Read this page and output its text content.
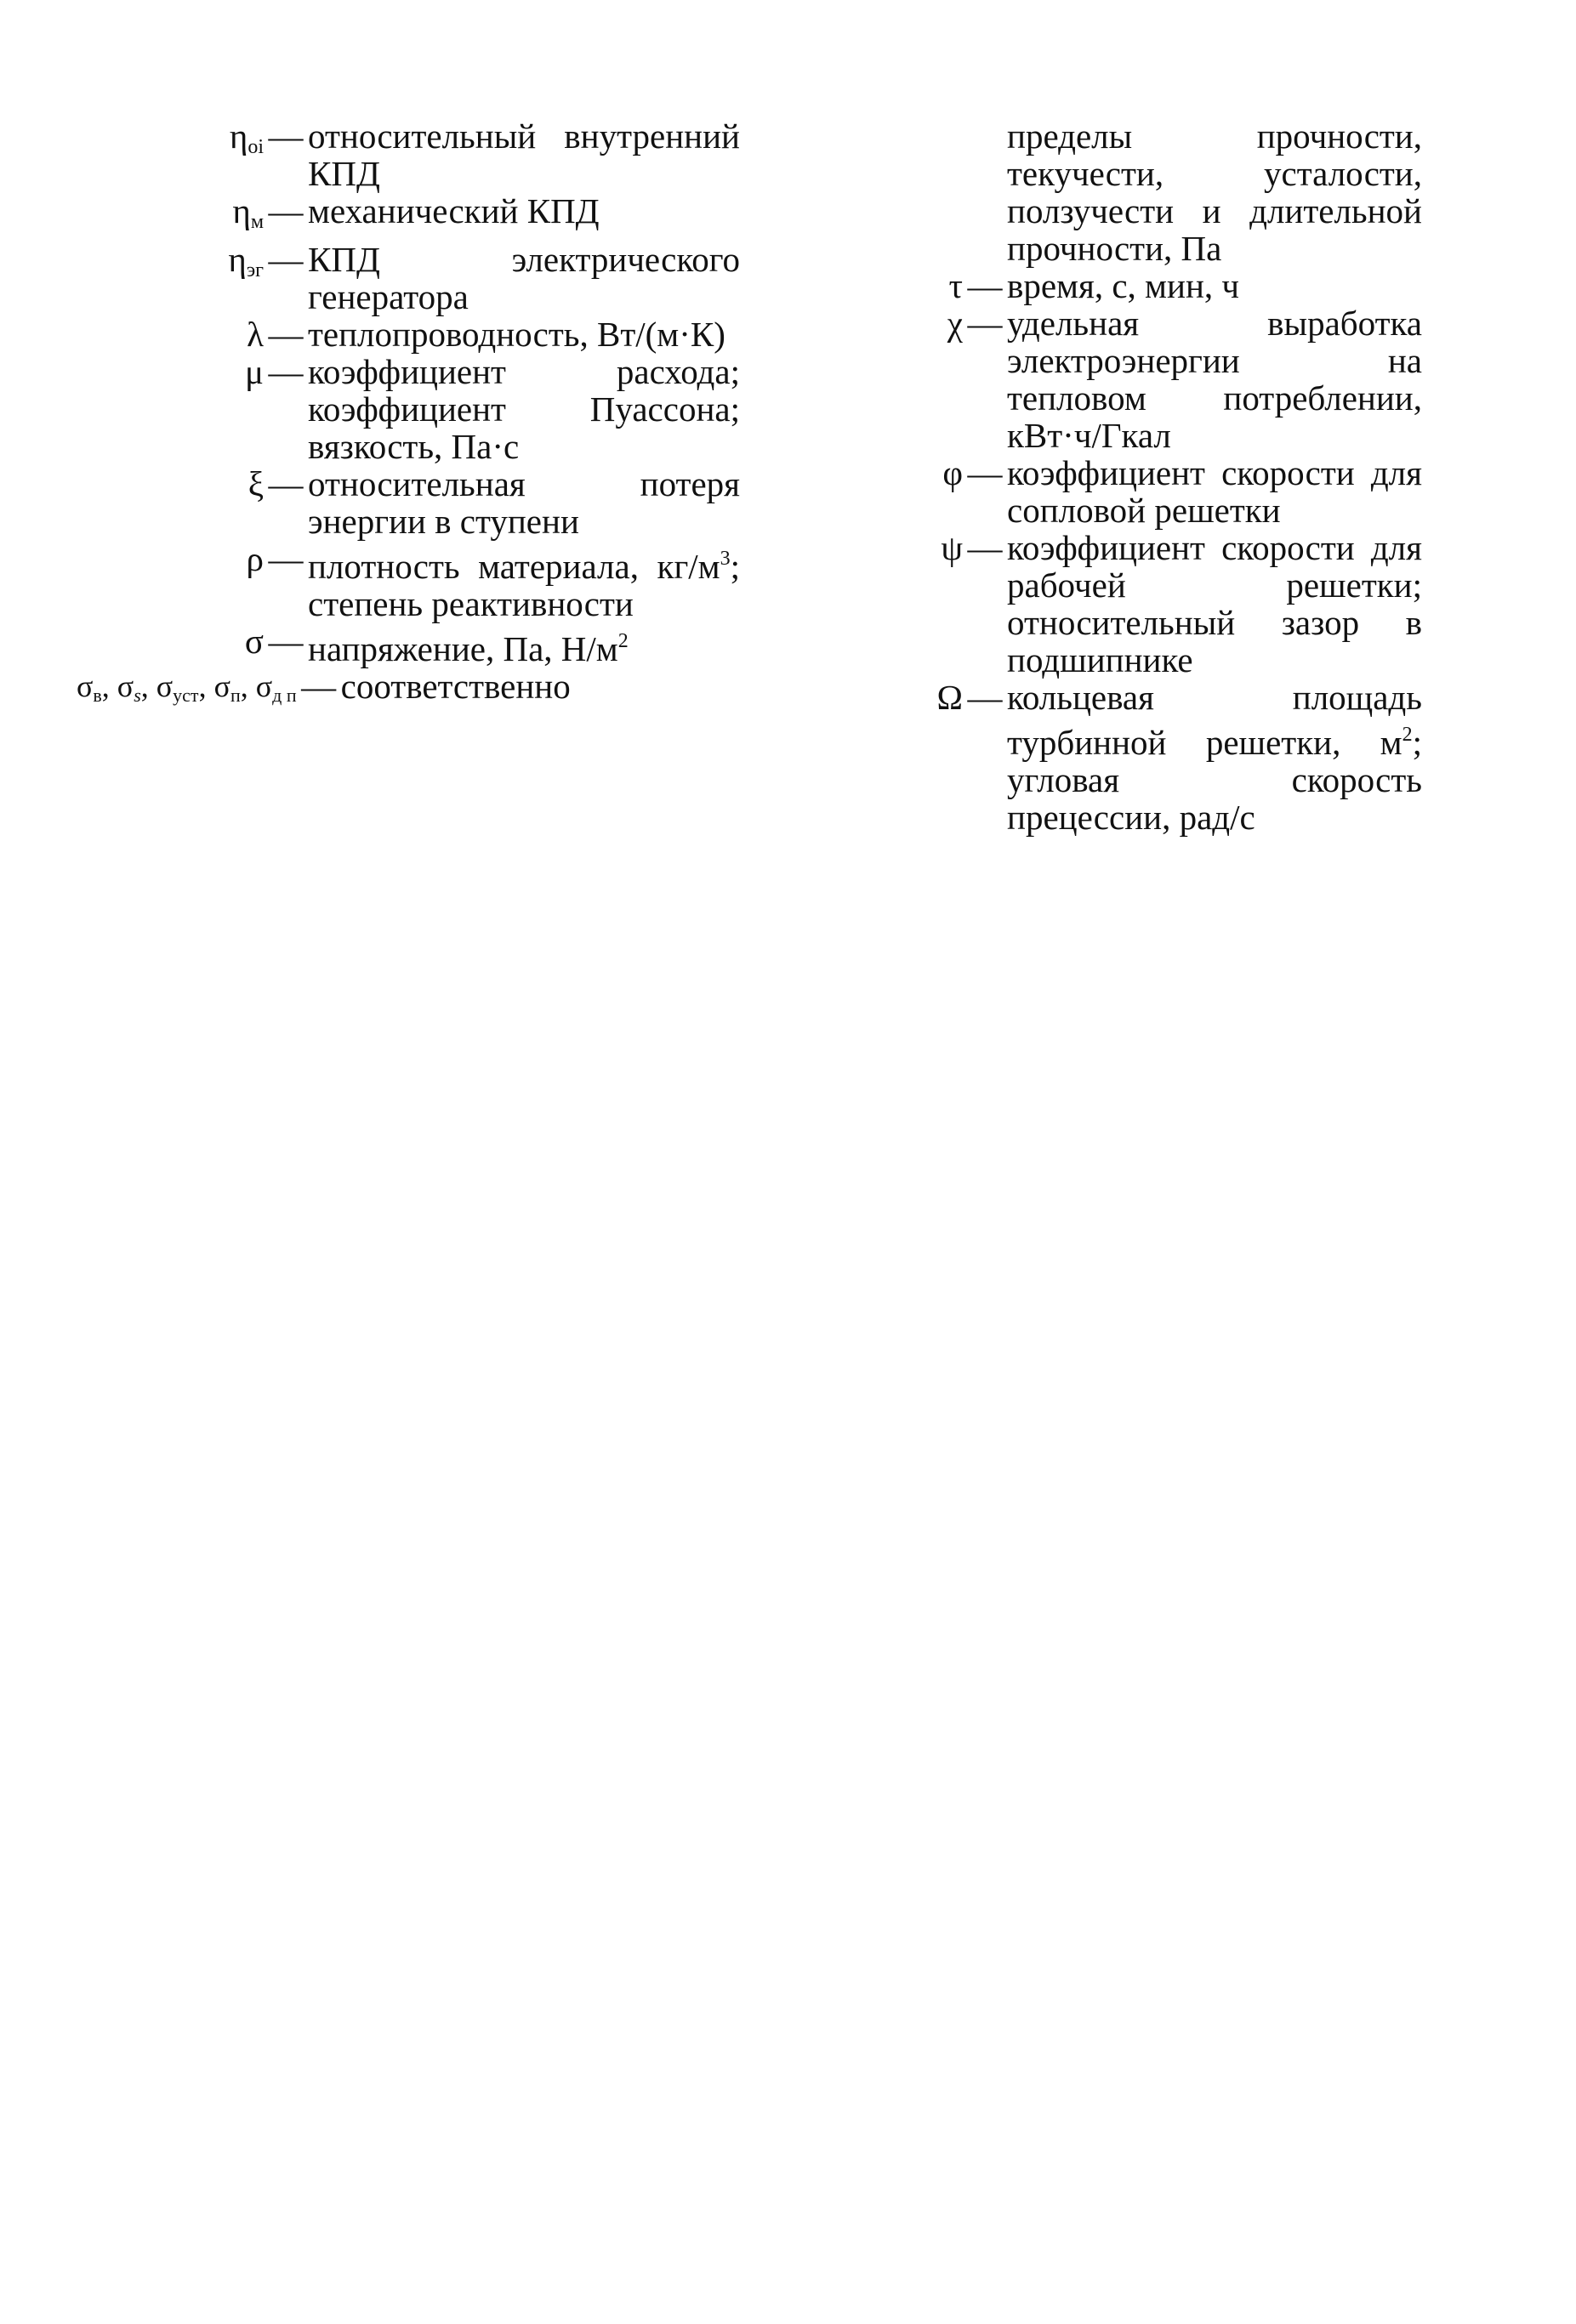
$\eta_{oi}$ — относительный внутренний КПД
$\eta_м$ — механический КПД
$\eta_{эг}$ — КПД электрического генератора
λ — теплопроводность, Вт/(м·К)
μ — коэффициент расхода; коэффициент Пуассона; вязкость, Па·с
ξ — относительная потеря энергии в ступени
ρ — плотность материала, $кг/м^3$; степень реактивности
σ — напряжение, Па, $Н/м^2$
$\sigma_в$, $\sigma_s$, $\sigma_{уст}$, $\sigma_п$, $\sigma_{д п}$ — соответственно
пределы прочности, текучести, усталости, ползучести и длительной прочности, Па
τ — время, с, мин, ч
χ — удельная выработка электроэнергии на тепловом потреблении, кВт·ч/Гкал
φ — коэффициент скорости для сопловой решетки
ψ — коэффициент скорости для рабочей решетки; относительный зазор в подшипнике
Ω — кольцевая площадь турбинной решетки, $м^2$; угловая скорость прецессии, рад/с
